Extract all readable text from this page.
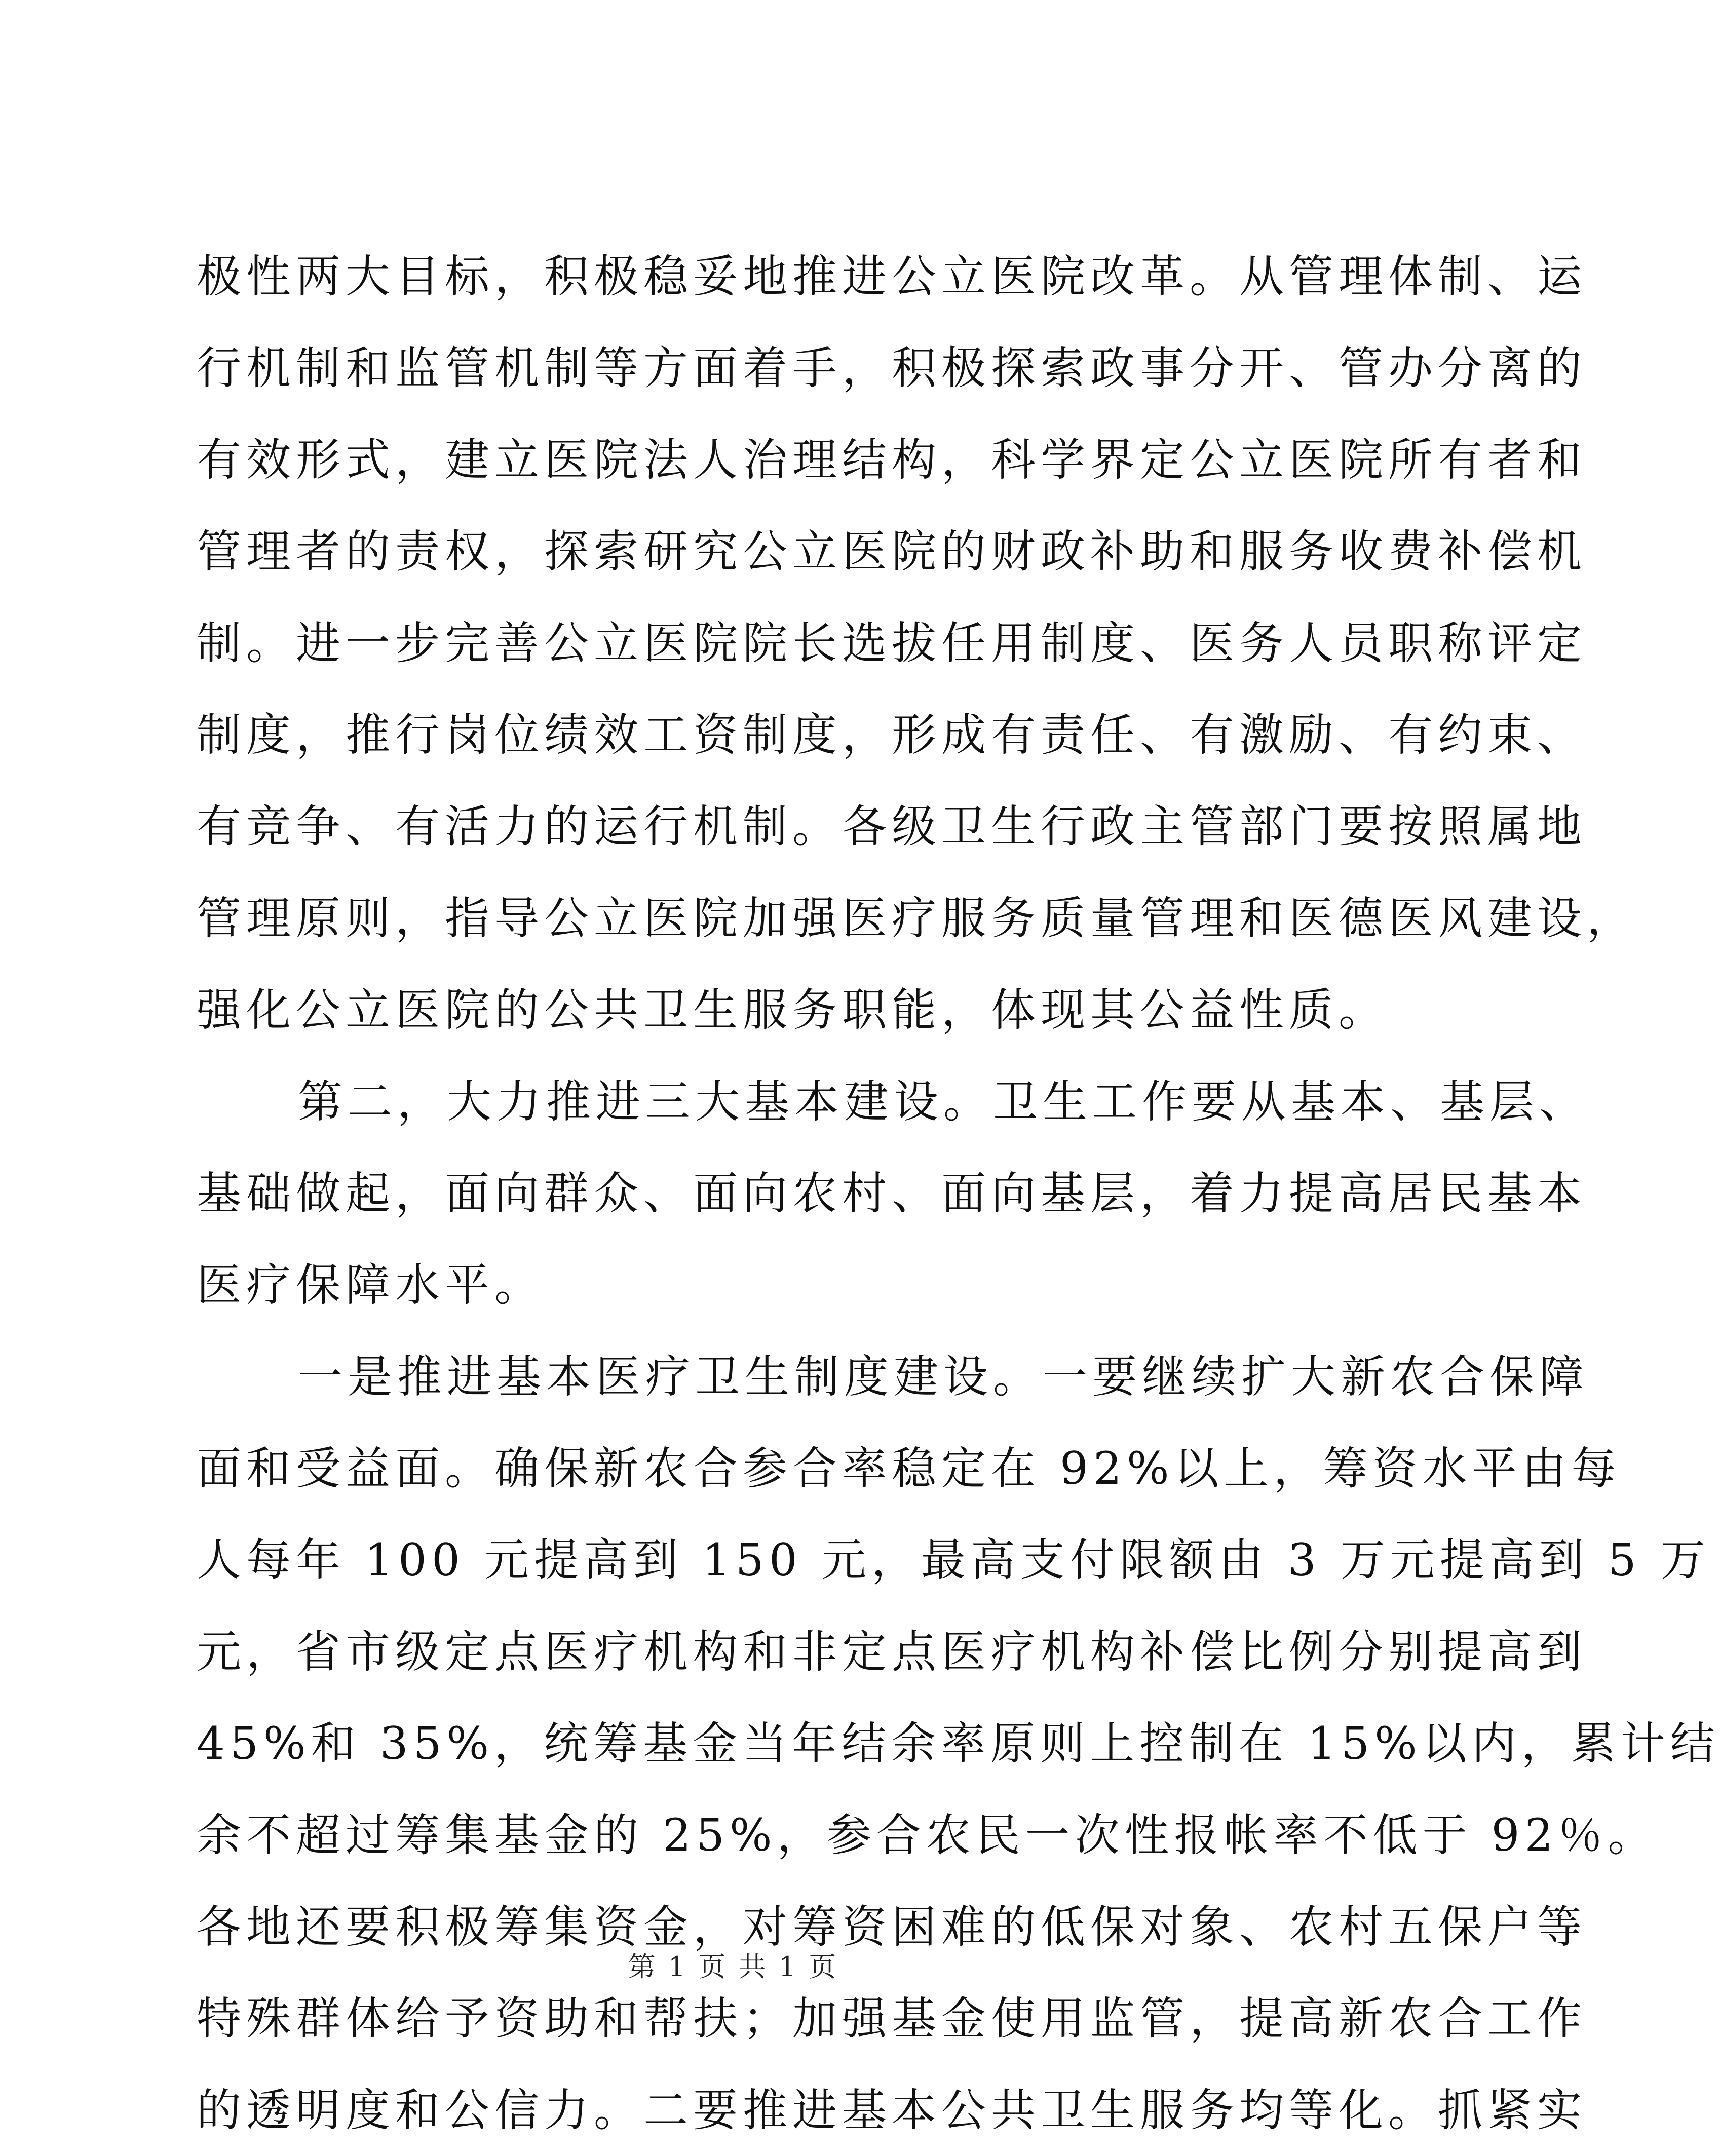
极性两大目标，积极稳妥地推进公立医院改革。从管理体制、运
行机制和监管机制等方面着手，积极探索政事分开、管办分离的
有效形式，建立医院法人治理结构，科学界定公立医院所有者和
管理者的责权，探索研究公立医院的财政补助和服务收费补偿机
制。进一步完善公立医院院长选拔任用制度、医务人员职称评定
制度，推行岗位绩效工资制度，形成有责任、有激励、有约束、
有竞争、有活力的运行机制。各级卫生行政主管部门要按照属地
管理原则，指导公立医院加强医疗服务质量管理和医德医风建设，
强化公立医院的公共卫生服务职能，体现其公益性质。
第二，大力推进三大基本建设。卫生工作要从基本、基层、
基础做起，面向群众、面向农村、面向基层，着力提高居民基本
医疗保障水平。
一是推进基本医疗卫生制度建设。一要继续扩大新农合保障
面和受益面。确保新农合参合率稳定在 92%以上，筹资水平由每
人每年 100 元提高到 150 元，最高支付限额由 3 万元提高到 5 万
元，省市级定点医疗机构和非定点医疗机构补偿比例分别提高到
45%和 35%，统筹基金当年结余率原则上控制在 15%以内，累计结
余不超过筹集基金的 25%，参合农民一次性报帐率不低于 92％。
各地还要积极筹集资金，对筹资困难的低保对象、农村五保户等
特殊群体给予资助和帮扶；加强基金使用监管，提高新农合工作
的透明度和公信力。二要推进基本公共卫生服务均等化。抓紧实
第 1 页 共 1 页
